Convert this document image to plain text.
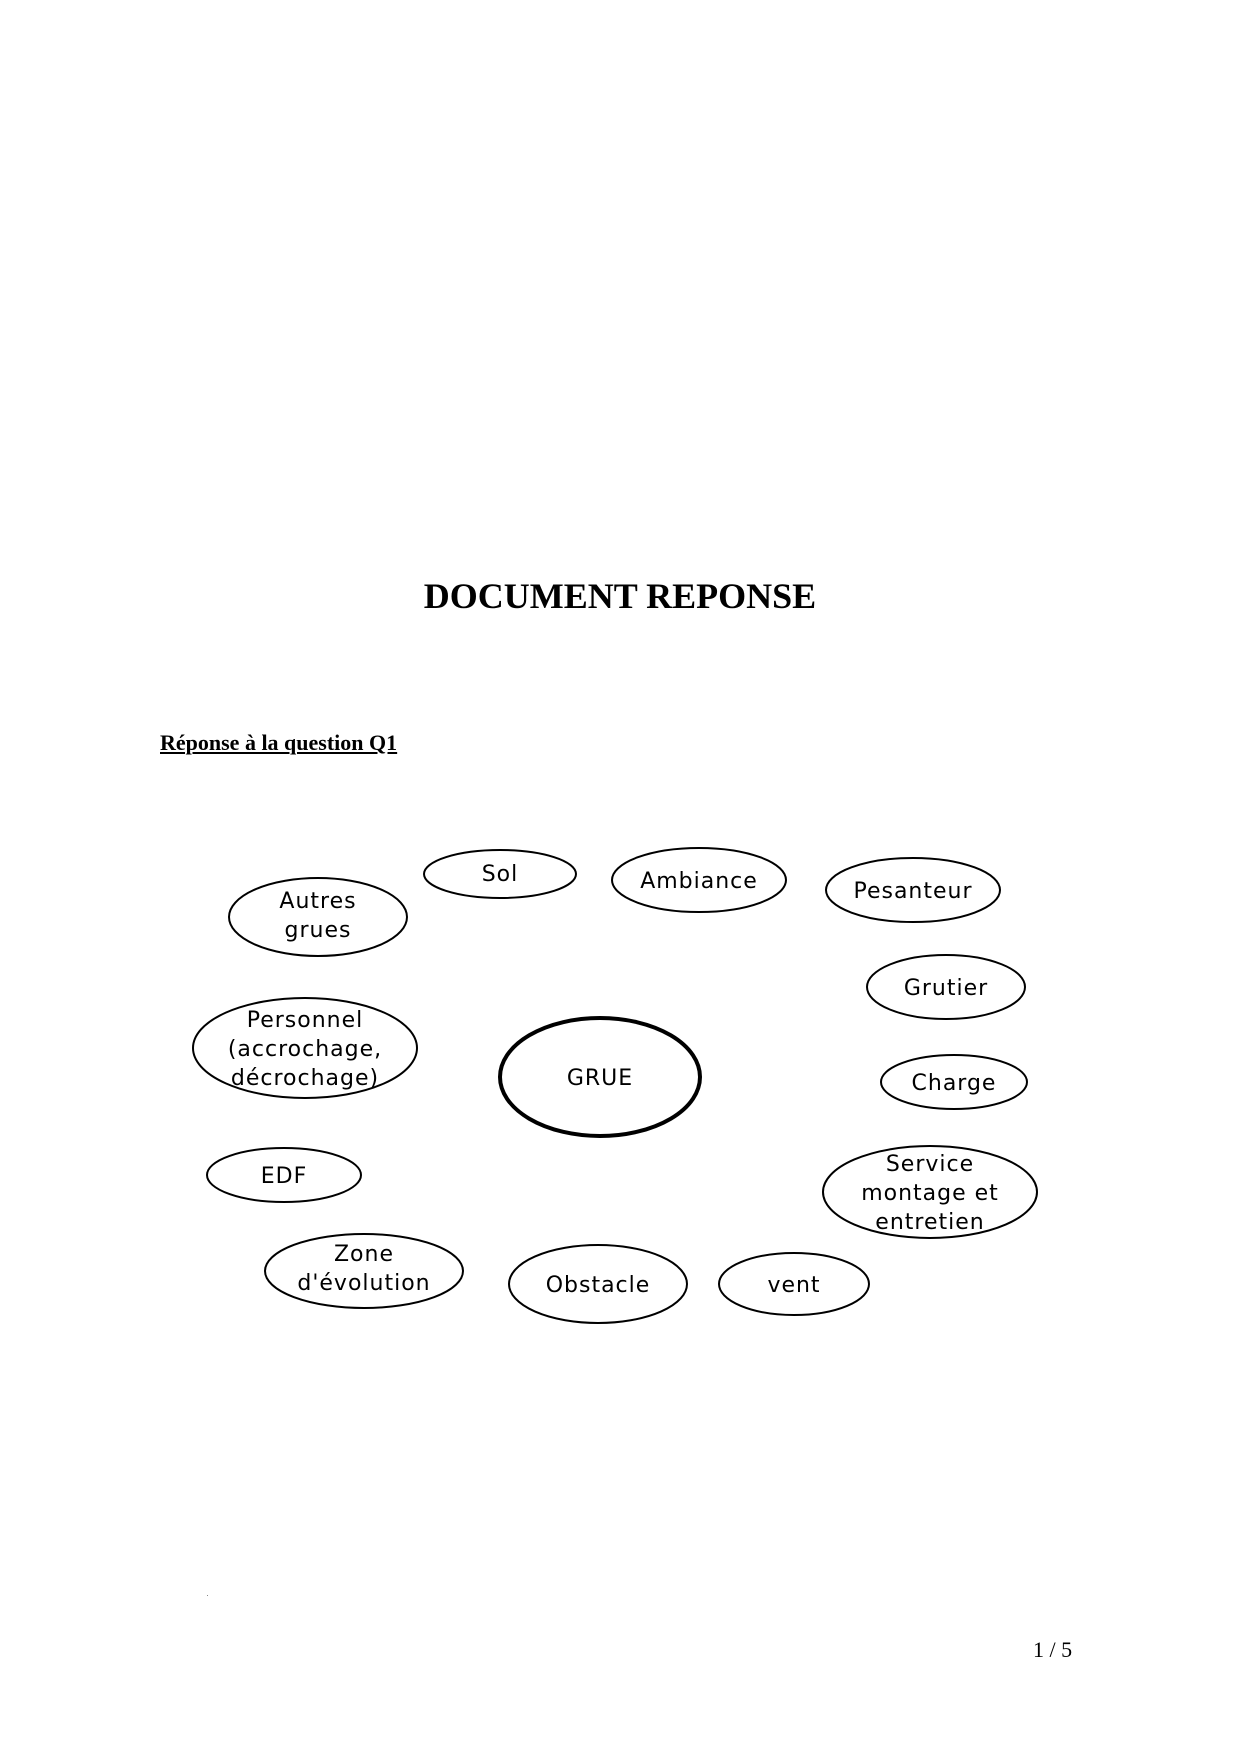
DOCUMENT REPONSE
Réponse à la question Q1
GRUE
Sol	Ambiance	Pesanteur
Autres
grues
Grutier
Personnel
(accrochage,
décrochage)	Charge
EDF	Service
montage et
entretien
Zone
d'évolution	Obstacle	vent
1 / 5
